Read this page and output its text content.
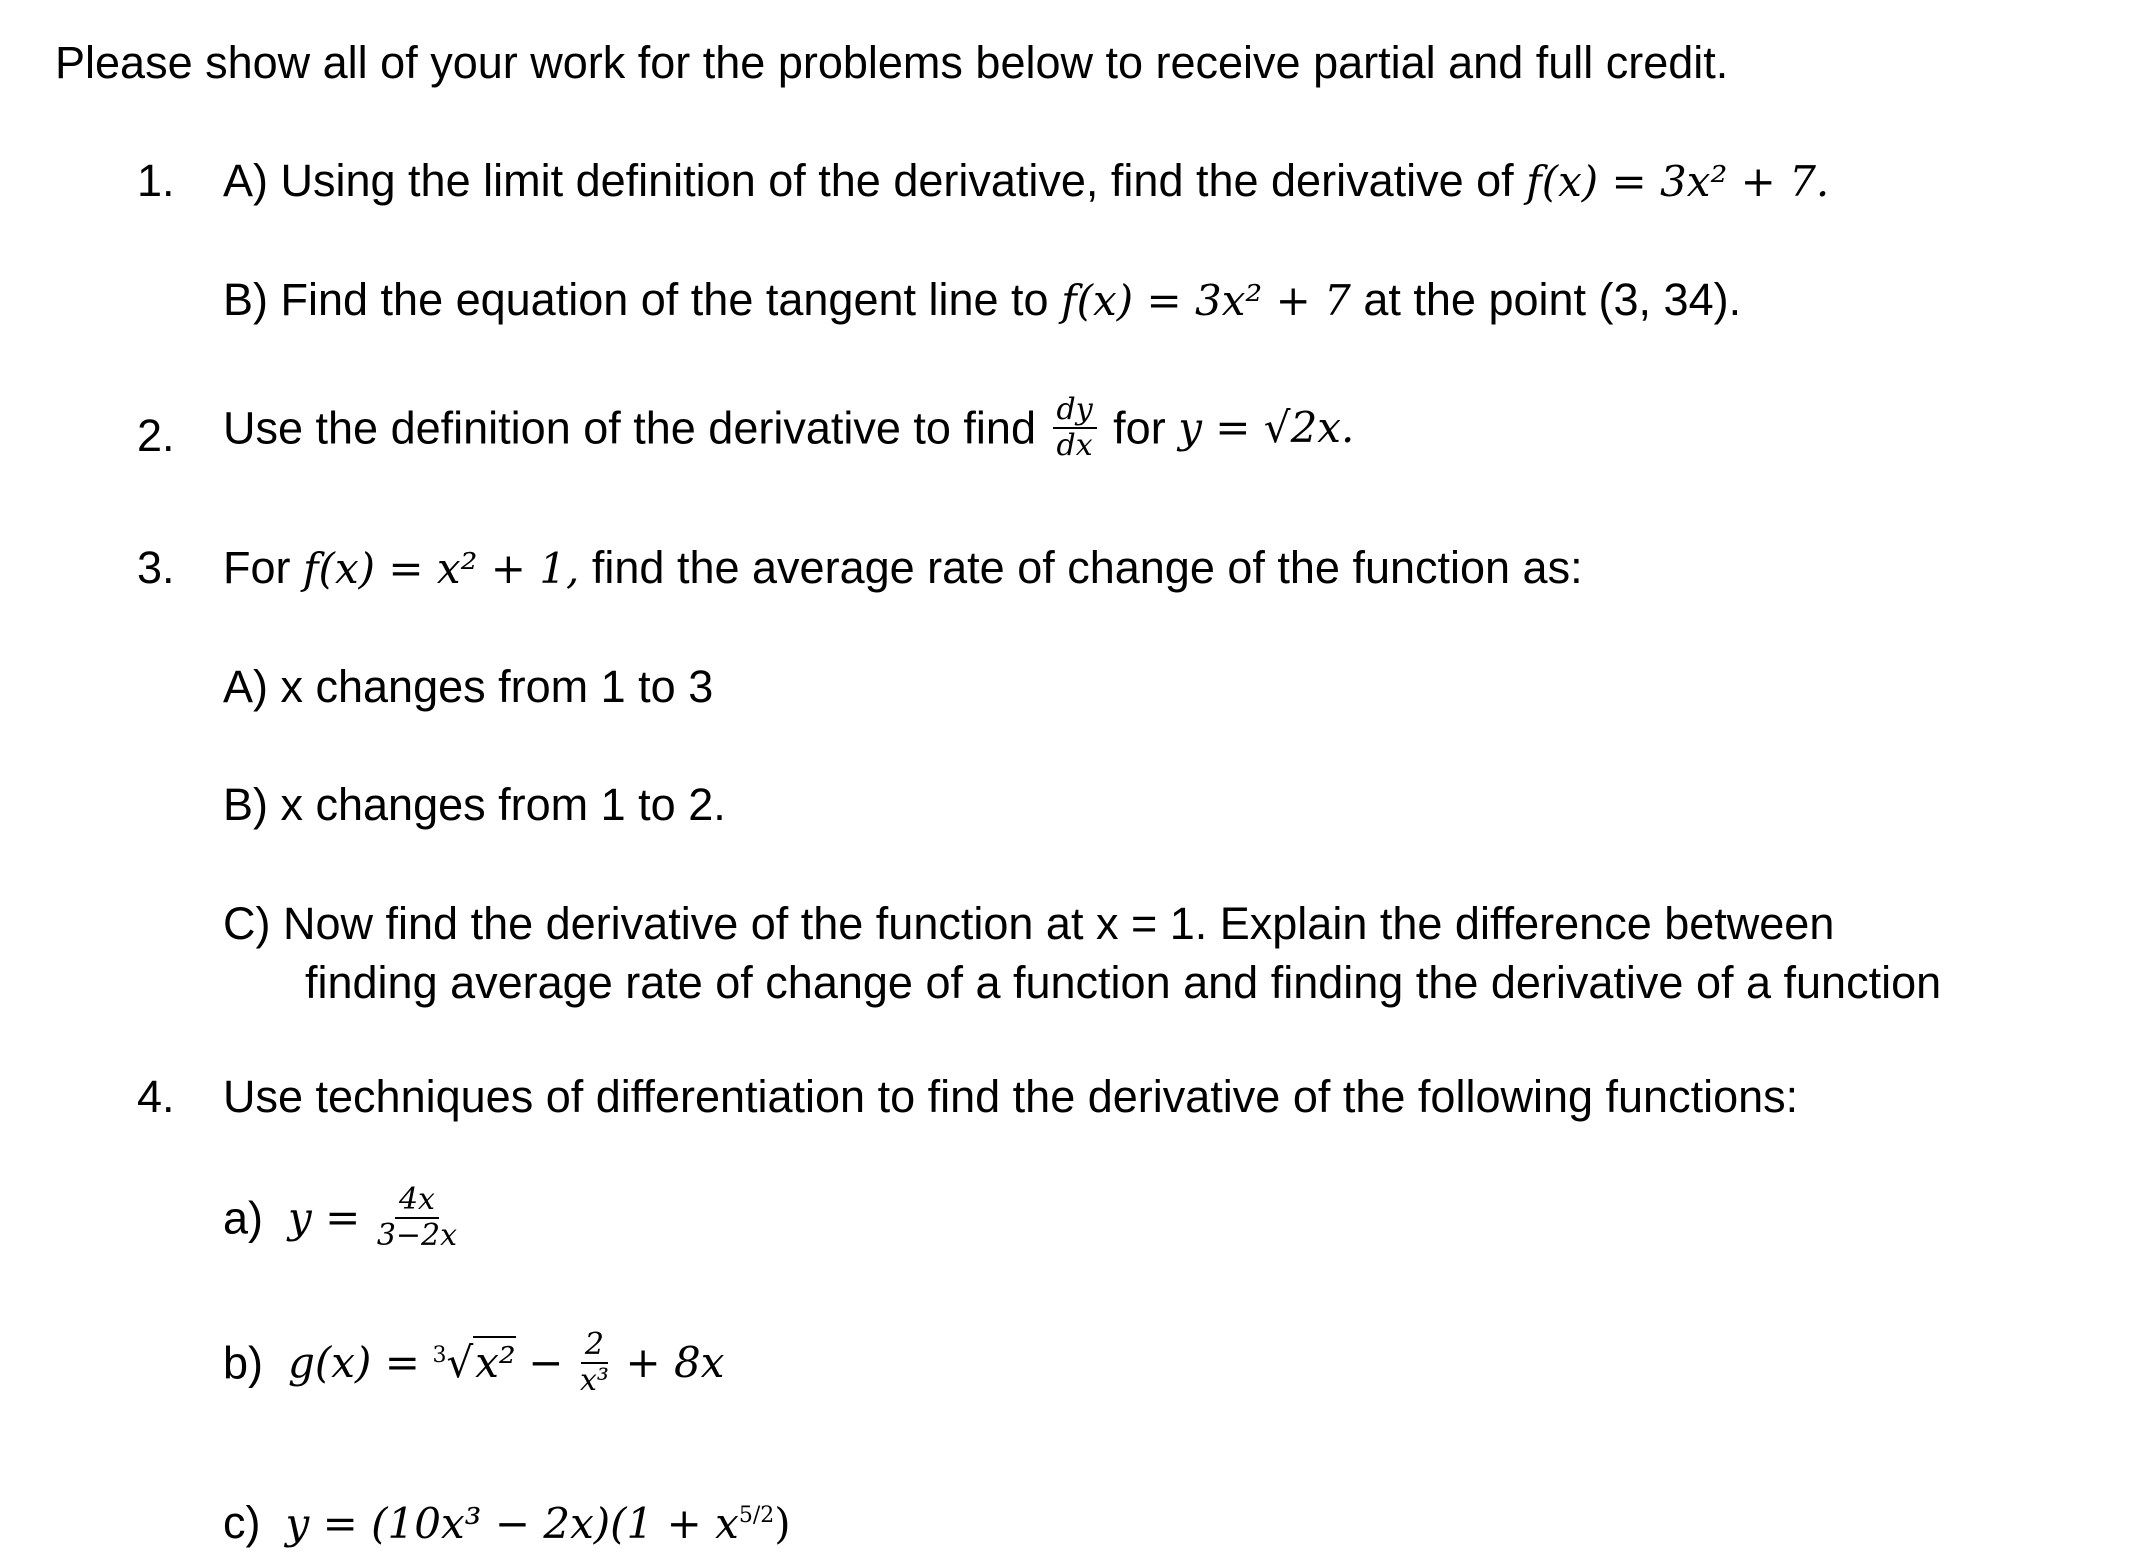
Please show all of your work for the problems below to receive partial and full credit.
1. A) Using the limit definition of the derivative, find the derivative of f(x) = 3x² + 7.
B) Find the equation of the tangent line to f(x) = 3x² + 7 at the point (3, 34).
2. Use the definition of the derivative to find $\frac{dy}{dx}$ for y = √2x.
3. For f(x) = x² + 1, find the average rate of change of the function as:
A) x changes from 1 to 3
B) x changes from 1 to 2.
C) Now find the derivative of the function at x = 1. Explain the difference between
finding average rate of change of a function and finding the derivative of a function
4. Use techniques of differentiation to find the derivative of the following functions:
a) $y = \frac{4x}{3-2x}$
b) $g(x) = ^3√x^2 - \frac{2}{\text{x³}} + 8x$
c) $y = (10x^3 - 2x)(1 + x^{5/2})$
